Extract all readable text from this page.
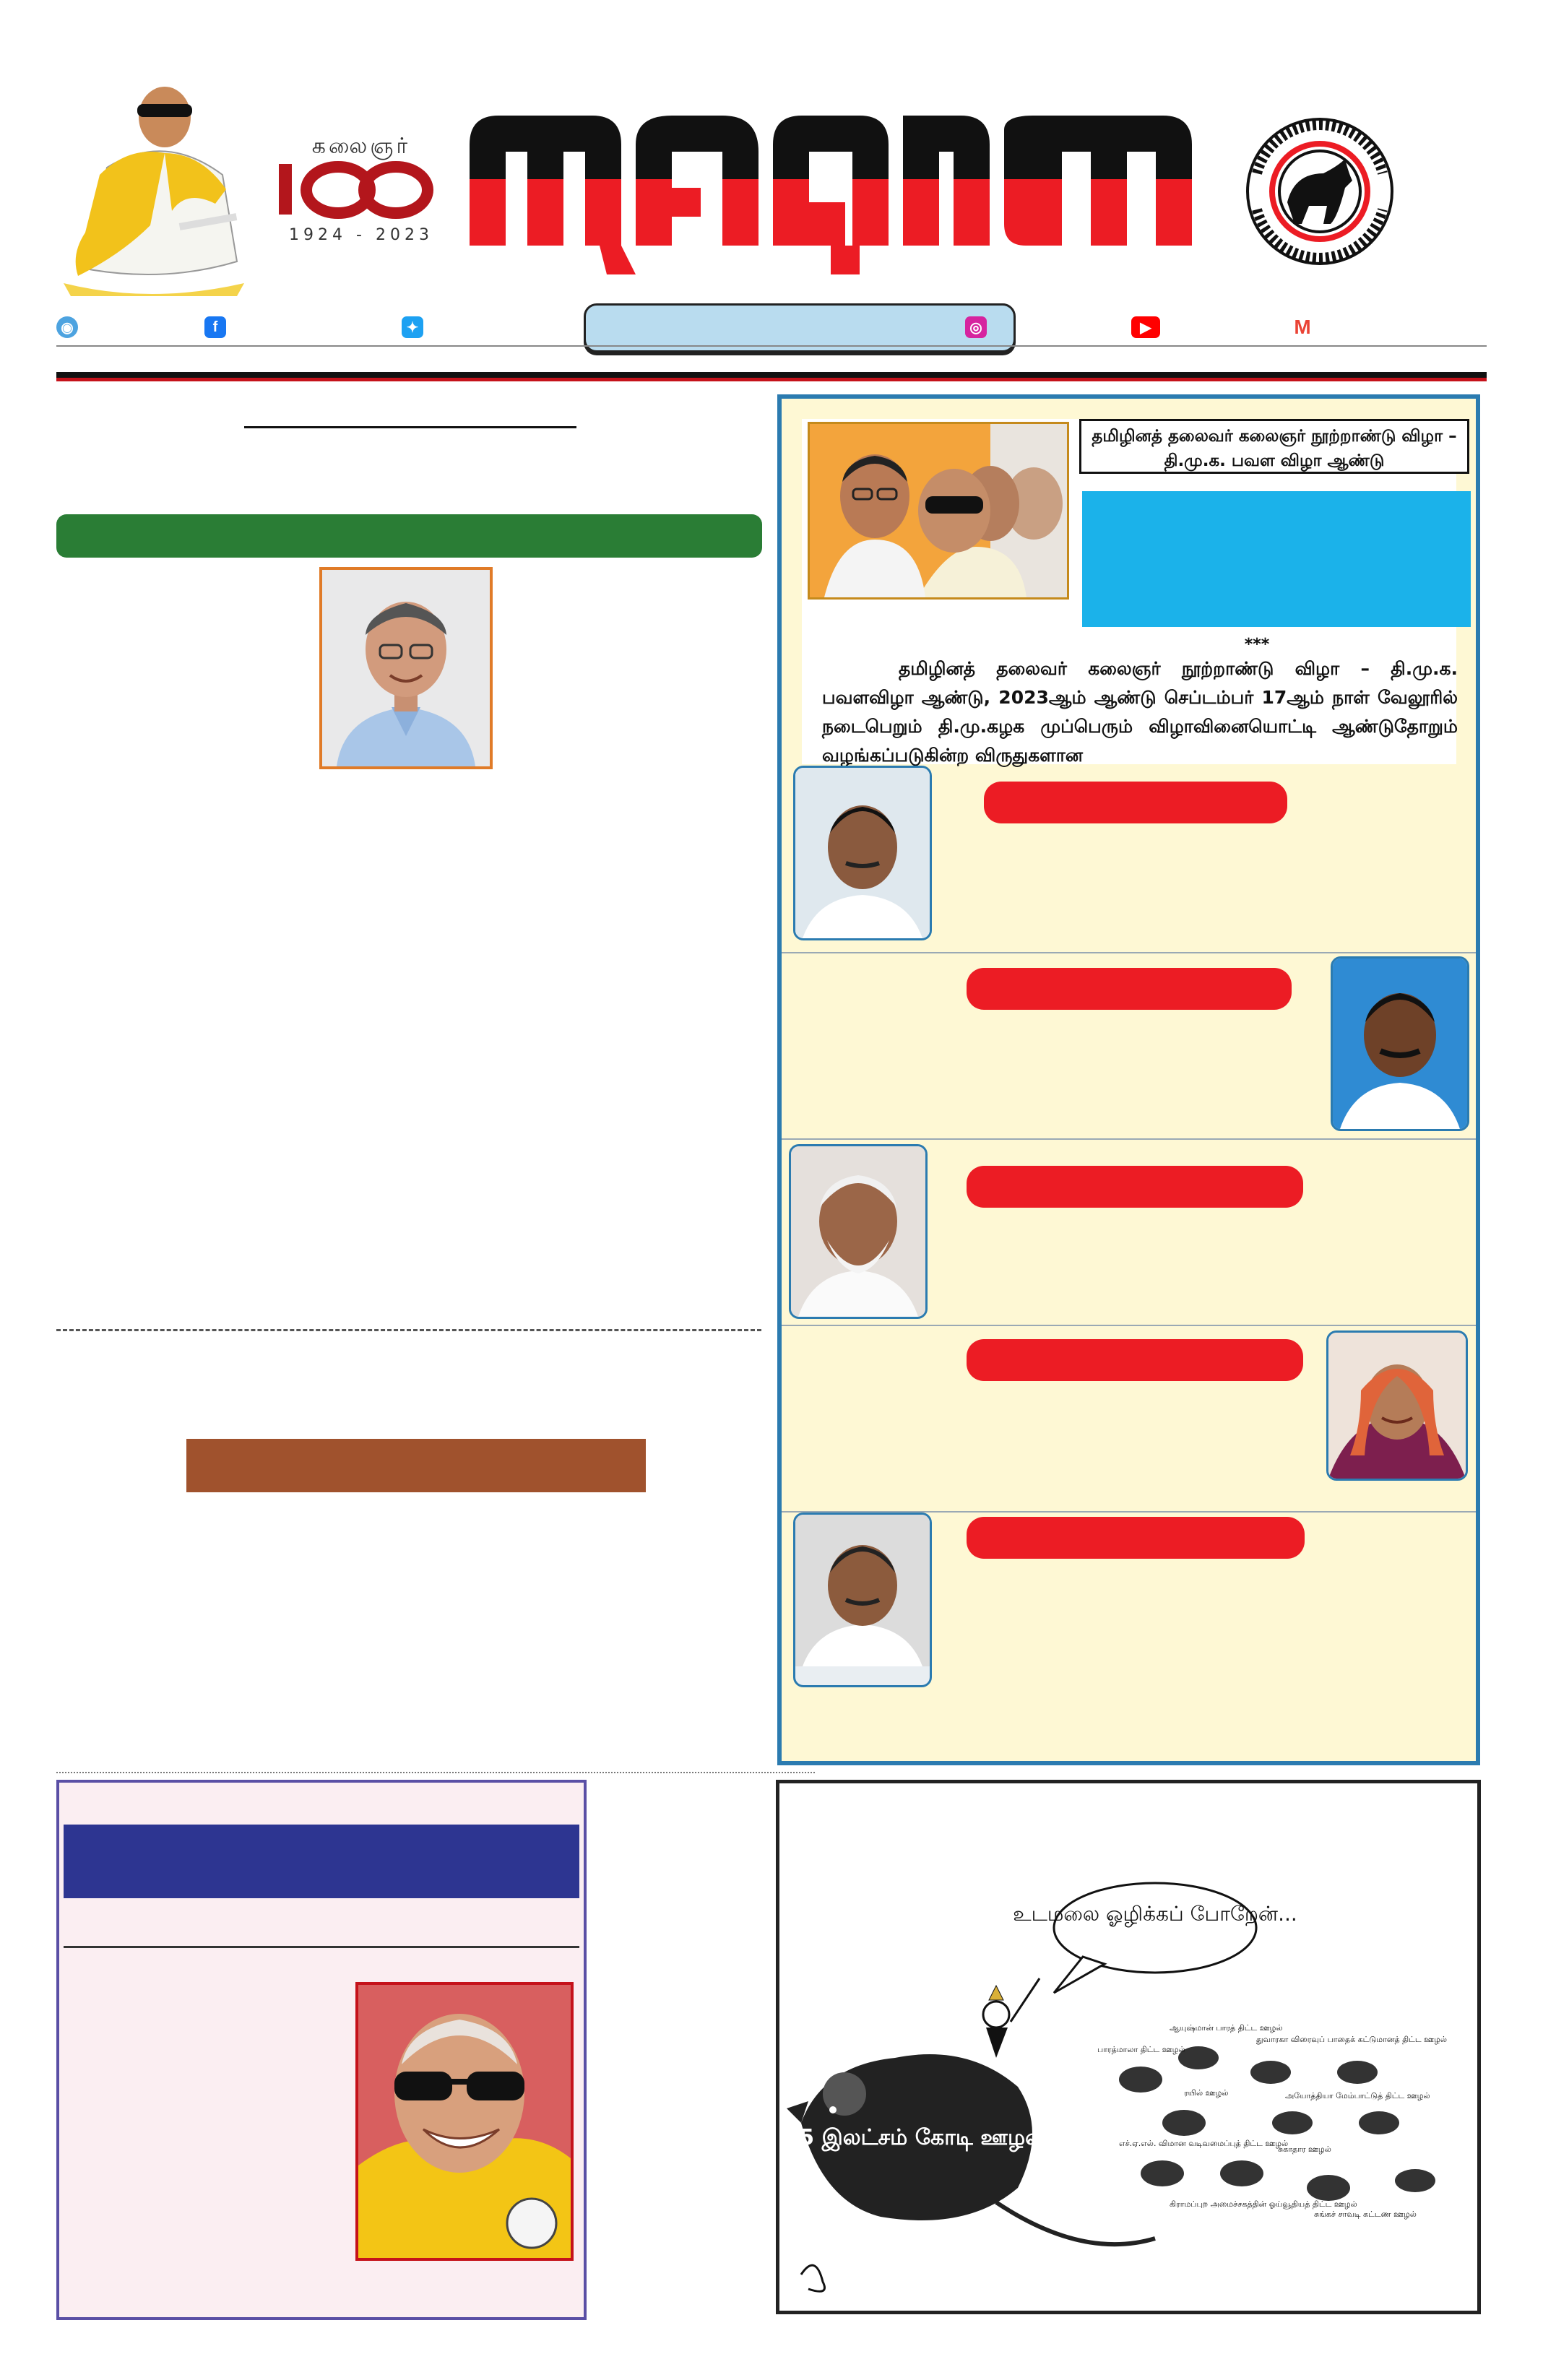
கலைஞர்
1924 - 2023
◉	f	✦	◎	▶	M
தமிழினத் தலைவர் கலைஞர் நூற்றாண்டு விழா – தி.மு.க. பவள விழா ஆண்டு
***
தமிழினத் தலைவர் கலைஞர் நூற்றாண்டு விழா – தி.மு.க. பவளவிழா ஆண்டு, 2023ஆம் ஆண்டு செப்டம்பர் 17ஆம் நாள் வேலூரில் நடைபெறும் தி.மு.கழக முப்பெரும் விழாவினையொட்டி ஆண்டுதோறும் வழங்கப்படுகின்ற விருதுகளான
உடமலை ஓழிக்கப் போறேன்...
7.5 இலட்சம் கோடி ஊழல்
பாரத்மாலா திட்ட ஊழல்
ஆயுஷ்மான் பாரத் திட்ட ஊழல்
துவாரகா விரைவுப் பாதைக் கட்டுமானத் திட்ட ஊழல்
ரயில் ஊழல்
எச்.ஏ.எல். விமான வடிவமைப்புத் திட்ட ஊழல்
அயோத்தியா மேம்பாட்டுத் திட்ட ஊழல்
சுங்கச் சாவடி கட்டண ஊழல்
கிராமப்புற அமைச்சகத்தின் ஓய்வூதியத் திட்ட ஊழல்
சுகாதார ஊழல்
